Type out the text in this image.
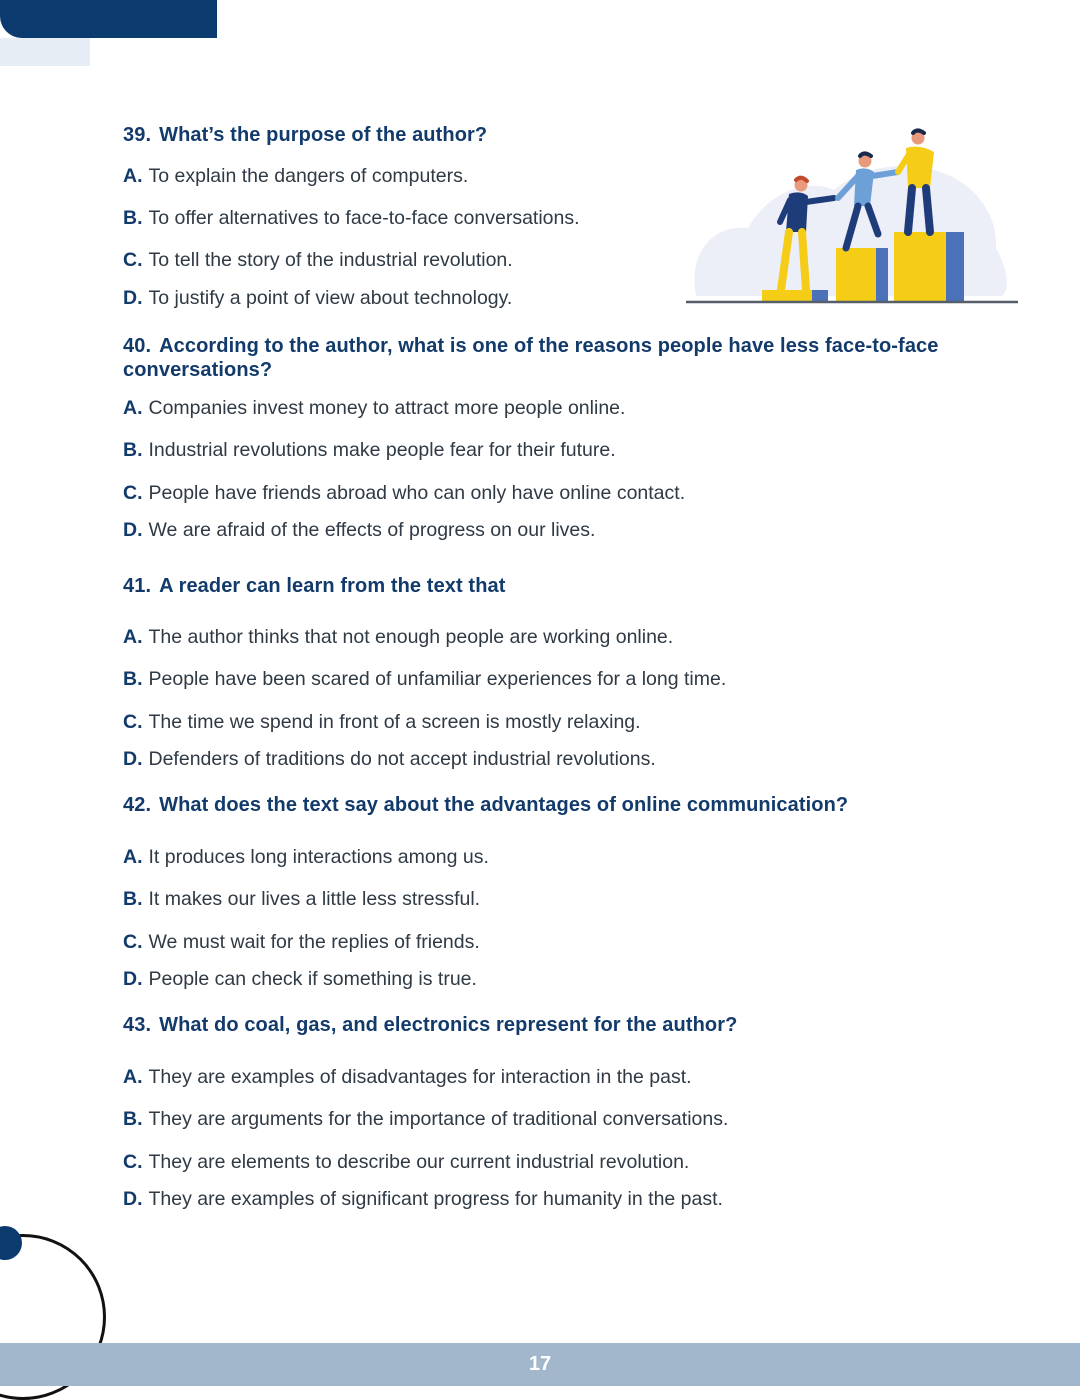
39. What’s the purpose of the author?

A. To explain the dangers of computers.

B. To offer alternatives to face-to-face conversations.

C. To tell the story of the industrial revolution.

D. To justify a point of view about technology.

40. According to the author, what is one of the reasons people have less face-to-face conversations?

A. Companies invest money to attract more people online.

B. Industrial revolutions make people fear for their future.

C. People have friends abroad who can only have online contact.

D. We are afraid of the effects of progress on our lives.

41. A reader can learn from the text that

A. The author thinks that not enough people are working online.

B. People have been scared of unfamiliar experiences for a long time.

C. The time we spend in front of a screen is mostly relaxing.

D. Defenders of traditions do not accept industrial revolutions.

42. What does the text say about the advantages of online communication?

A. It produces long interactions among us.

B. It makes our lives a little less stressful.

C. We must wait for the replies of friends.

D. People can check if something is true.

43. What do coal, gas, and electronics represent for the author?

A. They are examples of disadvantages for interaction in the past.

B. They are arguments for the importance of traditional conversations.

C. They are elements to describe our current industrial revolution.

D. They are examples of significant progress for humanity in the past.

17
